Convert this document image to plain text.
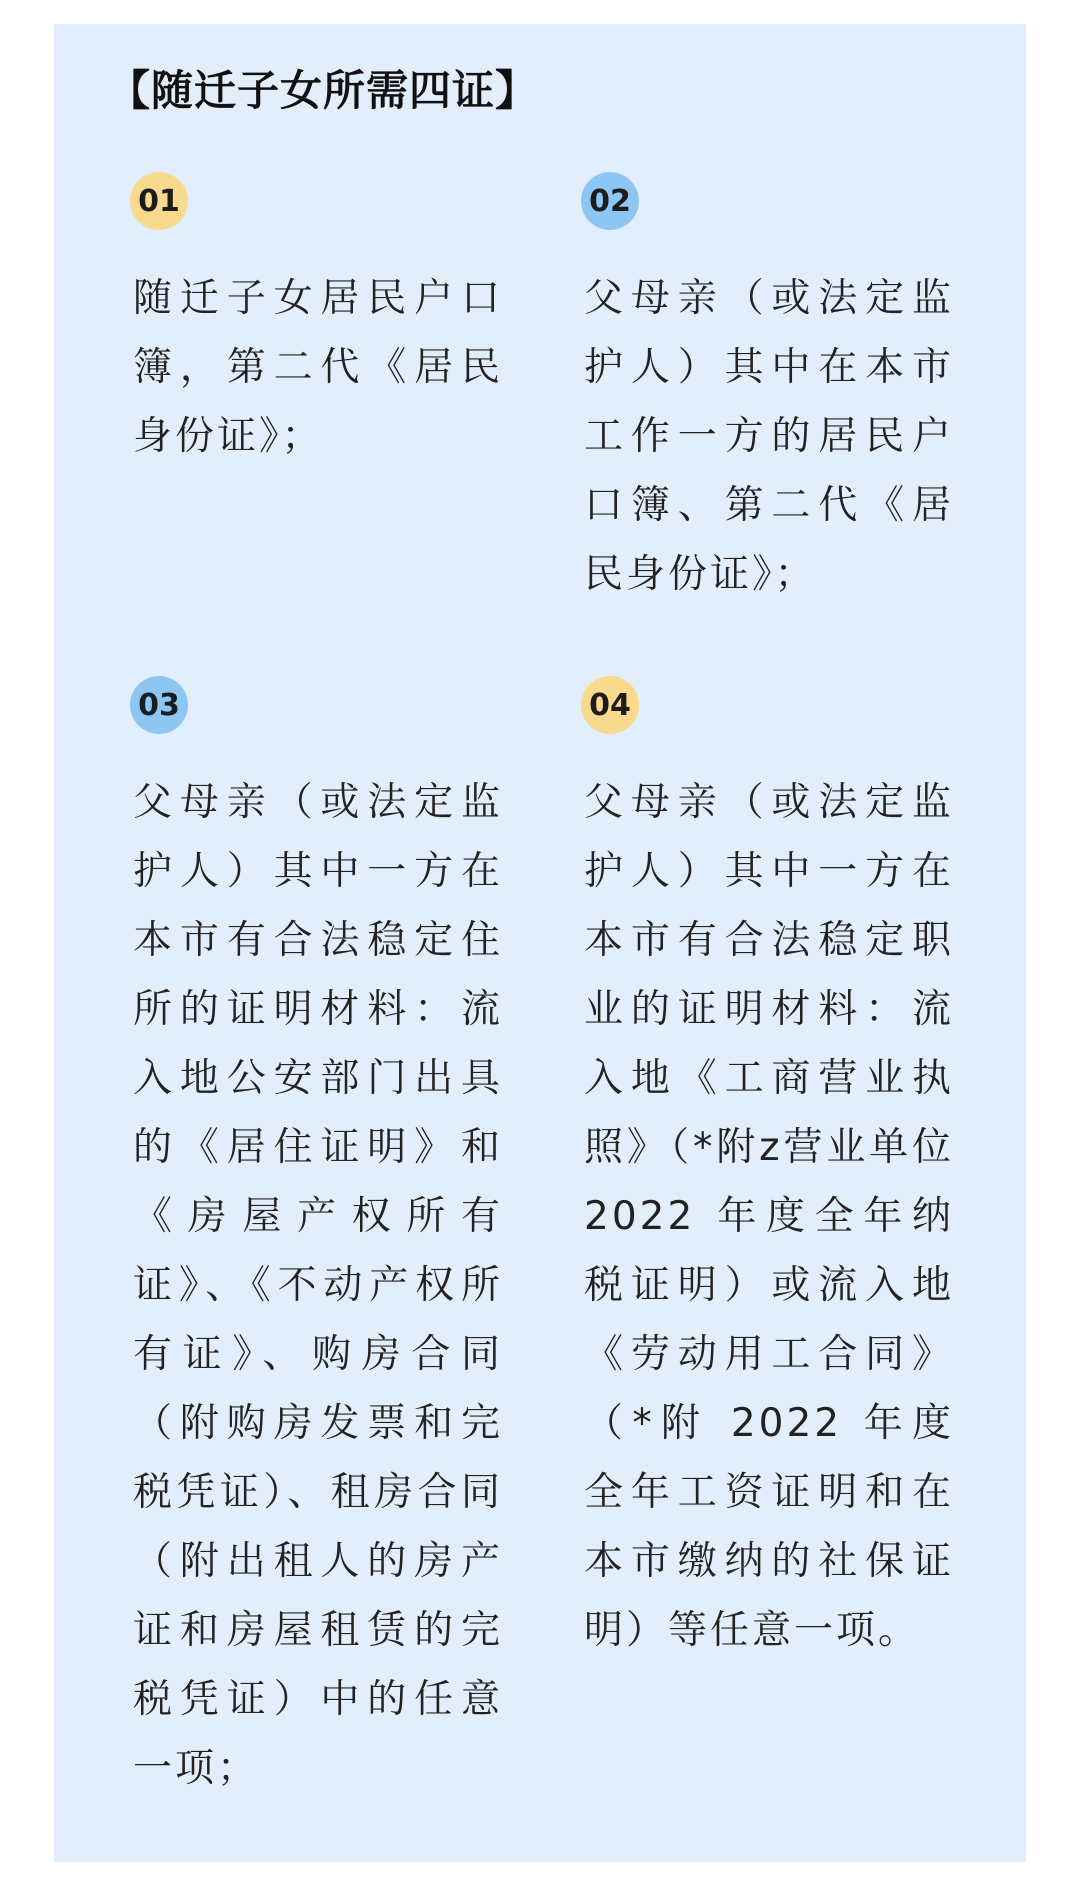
【随迁子女所需四证】
01
随迁子女居民户口簿，第二代《居民身份证》；
02
父母亲（或法定监护人）其中在本市工作一方的居民户口簿、第二代《居民身份证》；
03
父母亲（或法定监护人）其中一方在本市有合法稳定住所的证明材料：流入地公安部门出具的《居住证明》和《房屋产权所有证》、《不动产权所有证》、购房合同（附购房发票和完税凭证）、租房合同（附出租人的房产证和房屋租赁的完税凭证）中的任意一项；
04
父母亲（或法定监护人）其中一方在本市有合法稳定职业的证明材料：流入地《工商营业执照》（*附z营业单位 2022 年度全年纳税证明）或流入地《劳动用工合同》（*附 2022 年度全年工资证明和在本市缴纳的社保证明）等任意一项。
